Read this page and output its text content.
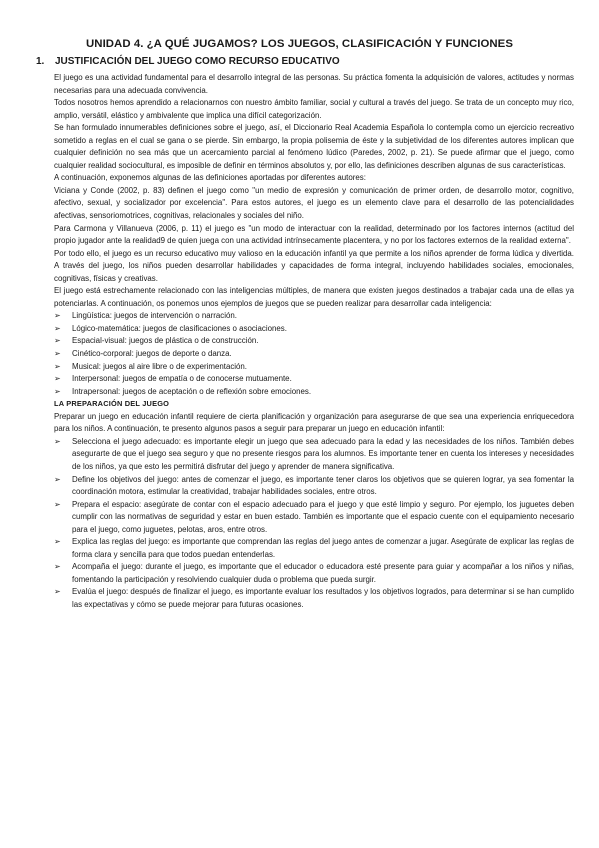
UNIDAD 4. ¿A QUÉ JUGAMOS? LOS JUEGOS, CLASIFICACIÓN Y FUNCIONES
1. JUSTIFICACIÓN DEL JUEGO COMO RECURSO EDUCATIVO

El juego es una actividad fundamental para el desarrollo integral de las personas. Su práctica fomenta la adquisición de valores, actitudes y normas necesarias para una adecuada convivencia.

Todos nosotros hemos aprendido a relacionarnos con nuestro ámbito familiar, social y cultural a través del juego. Se trata de un concepto muy rico, amplio, versátil, elástico y ambivalente que implica una difícil categorización.

Se han formulado innumerables definiciones sobre el juego, así, el Diccionario Real Academia Española lo contempla como un ejercicio recreativo sometido a reglas en el cual se gana o se pierde. Sin embargo, la propia polisemia de éste y la subjetividad de los diferentes autores implican que cualquier definición no sea más que un acercamiento parcial al fenómeno lúdico (Paredes, 2002, p. 21). Se puede afirmar que el juego, como cualquier realidad sociocultural, es imposible de definir en términos absolutos y, por ello, las definiciones describen algunas de sus características.

A continuación, exponemos algunas de las definiciones aportadas por diferentes autores:

Viciana y Conde (2002, p. 83) definen el juego como "un medio de expresión y comunicación de primer orden, de desarrollo motor, cognitivo, afectivo, sexual, y socializador por excelencia". Para estos autores, el juego es un elemento clave para el desarrollo de las potencialidades afectivas, sensoriomotrices, cognitivas, relacionales y sociales del niño.

Para Carmona y Villanueva (2006, p. 11) el juego es "un modo de interactuar con la realidad, determinado por los factores internos (actitud del propio jugador ante la realidad9 de quien juega con una actividad intrínsecamente placentera, y no por los factores externos de la realidad externa".

Por todo ello, el juego es un recurso educativo muy valioso en la educación infantil ya que permite a los niños aprender de forma lúdica y divertida. A través del juego, los niños pueden desarrollar habilidades y capacidades de forma integral, incluyendo habilidades sociales, emocionales, cognitivas, físicas y creativas.

El juego está estrechamente relacionado con las inteligencias múltiples, de manera que existen juegos destinados a trabajar cada una de ellas ya potenciarlas. A continuación, os ponemos unos ejemplos de juegos que se pueden realizar para desarrollar cada inteligencia:

➢	Lingüística: juegos de intervención o narración.
➢	Lógico-matemática: juegos de clasificaciones o asociaciones.
➢	Espacial-visual: juegos de plástica o de construcción.
➢	Cinético-corporal: juegos de deporte o danza.
➢	Musical: juegos al aire libre o de experimentación.
➢	Interpersonal: juegos de empatía o de conocerse mutuamente.
➢	Intrapersonal: juegos de aceptación o de reflexión sobre emociones.
LA PREPARACIÓN DEL JUEGO

Preparar un juego en educación infantil requiere de cierta planificación y organización para asegurarse de que sea una experiencia enriquecedora para los niños. A continuación, te presento algunos pasos a seguir para preparar un juego en educación infantil:

➢	Selecciona el juego adecuado: es importante elegir un juego que sea adecuado para la edad y las necesidades de los niños. También debes asegurarte de que el juego sea seguro y que no presente riesgos para los alumnos. Es importante tener en cuenta los intereses y necesidades de los niños, ya que esto les permitirá disfrutar del juego y aprender de manera significativa.
➢	Define los objetivos del juego: antes de comenzar el juego, es importante tener claros los objetivos que se quieren lograr, ya sea fomentar la coordinación motora, estimular la creatividad, trabajar habilidades sociales, entre otros.
➢	Prepara el espacio: asegúrate de contar con el espacio adecuado para el juego y que esté limpio y seguro. Por ejemplo, los juguetes deben cumplir con las normativas de seguridad y estar en buen estado. También es importante que el espacio cuente con el equipamiento necesario para el juego, como juguetes, pelotas, aros, entre otros.
➢	Explica las reglas del juego: es importante que comprendan las reglas del juego antes de comenzar a jugar. Asegúrate de explicar las reglas de forma clara y sencilla para que todos puedan entenderlas.
➢	Acompaña el juego: durante el juego, es importante que el educador o educadora esté presente para guiar y acompañar a los niños y niñas, fomentando la participación y resolviendo cualquier duda o problema que pueda surgir.
➢	Evalúa el juego: después de finalizar el juego, es importante evaluar los resultados y los objetivos logrados, para determinar si se han cumplido las expectativas y cómo se puede mejorar para futuras ocasiones.
